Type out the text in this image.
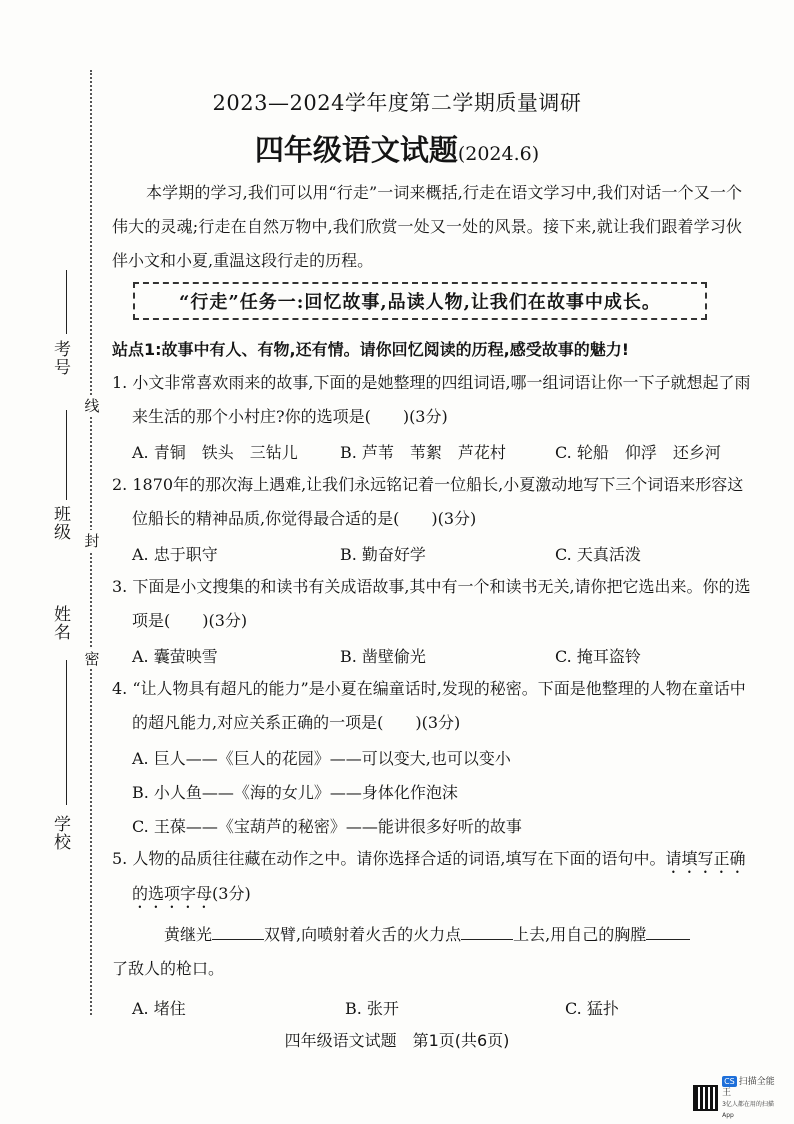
考号
班级
姓名
学校
线
封
密
2023—2024学年度第二学期质量调研
四年级语文试题(2024.6)
本学期的学习,我们可以用“行走”一词来概括,行走在语文学习中,我们对话一个又一个伟大的灵魂;行走在自然万物中,我们欣赏一处又一处的风景。接下来,就让我们跟着学习伙伴小文和小夏,重温这段行走的历程。
“行走”任务一:回忆故事,品读人物,让我们在故事中成长。
站点1:故事中有人、有物,还有情。请你回忆阅读的历程,感受故事的魅力!
1. 小文非常喜欢雨来的故事,下面的是她整理的四组词语,哪一组词语让你一下子就想起了雨来生活的那个小村庄?你的选项是(　　)(3分)
A. 青铜　铁头　三钻儿	B. 芦苇　苇絮　芦花村	C. 轮船　仰浮　还乡河
2. 1870年的那次海上遇难,让我们永远铭记着一位船长,小夏激动地写下三个词语来形容这位船长的精神品质,你觉得最合适的是(　　)(3分)
A. 忠于职守	B. 勤奋好学	C. 天真活泼
3. 下面是小文搜集的和读书有关成语故事,其中有一个和读书无关,请你把它选出来。你的选项是(　　)(3分)
A. 囊萤映雪	B. 凿壁偷光	C. 掩耳盗铃
4. “让人物具有超凡的能力”是小夏在编童话时,发现的秘密。下面是他整理的人物在童话中的超凡能力,对应关系正确的一项是(　　)(3分)
A. 巨人——《巨人的花园》——可以变大,也可以变小
B. 小人鱼——《海的女儿》——身体化作泡沫
C. 王葆——《宝葫芦的秘密》——能讲很多好听的故事
5. 人物的品质往往藏在动作之中。请你选择合适的词语,填写在下面的语句中。请填写正确的选项字母(3分)
黄继光	双臂,向喷射着火舌的火力点	上去,用自己的胸膛
了敌人的枪口。
A. 堵住	B. 张开	C. 猛扑
四年级语文试题　第1页(共6页)
CS 扫描全能王
3亿人都在用的扫描App
